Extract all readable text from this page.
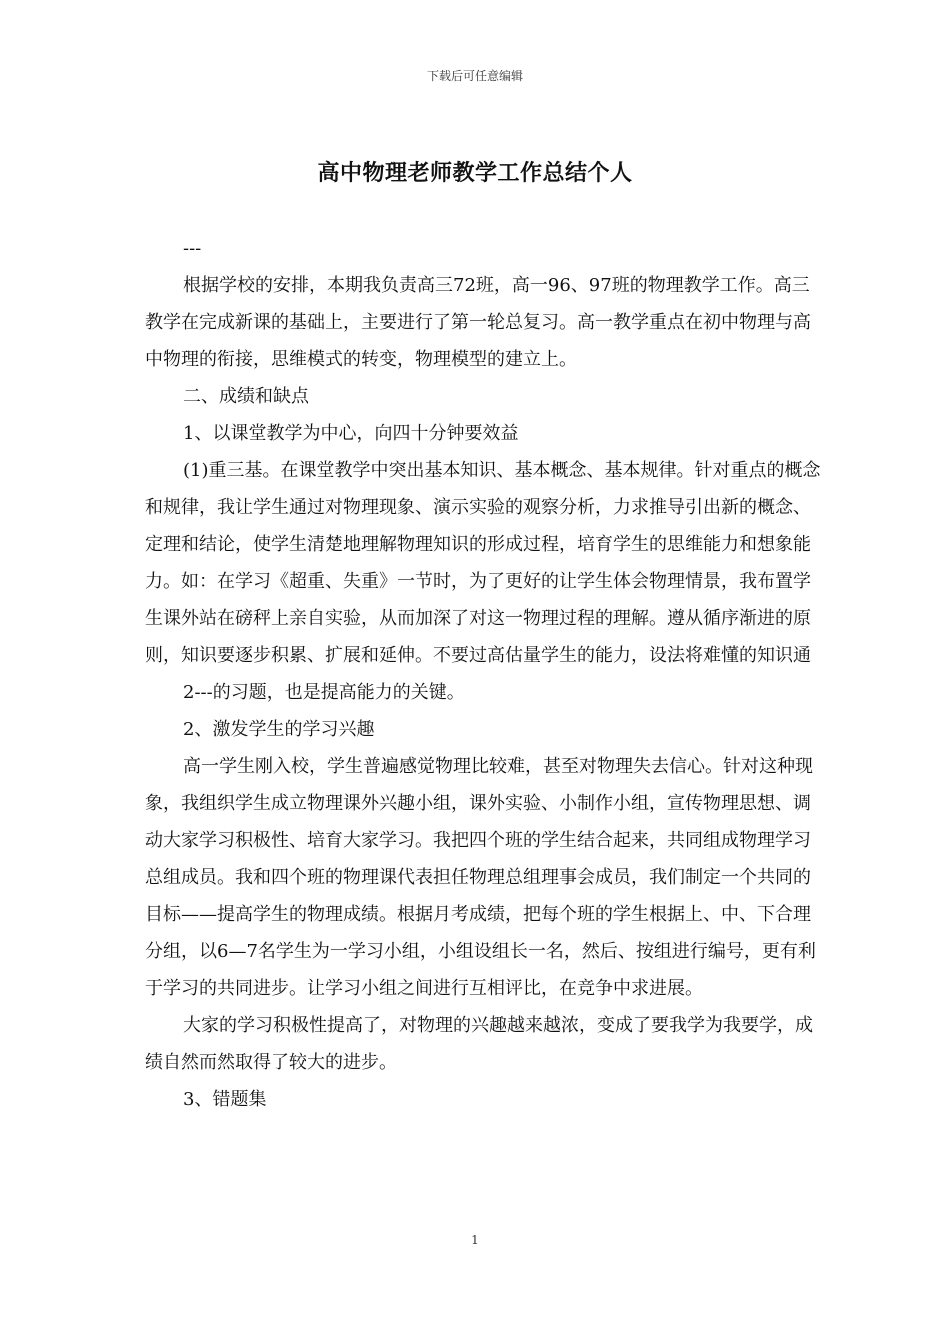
下载后可任意编辑
高中物理老师教学工作总结个人

---

根据学校的安排，本期我负责高三72班，高一96、97班的物理教学工作。高三教学在完成新课的基础上，主要进行了第一轮总复习。高一教学重点在初中物理与高中物理的衔接，思维模式的转变，物理模型的建立上。

二、成绩和缺点

1、以课堂教学为中心，向四十分钟要效益

(1)重三基。在课堂教学中突出基本知识、基本概念、基本规律。针对重点的概念和规律，我让学生通过对物理现象、演示实验的观察分析，力求推导引出新的概念、定理和结论，使学生清楚地理解物理知识的形成过程，培育学生的思维能力和想象能力。如：在学习《超重、失重》一节时，为了更好的让学生体会物理情景，我布置学生课外站在磅秤上亲自实验，从而加深了对这一物理过程的理解。遵从循序渐进的原则，知识要逐步积累、扩展和延伸。不要过高估量学生的能力，设法将难懂的知识通

2---的习题，也是提高能力的关键。

2、激发学生的学习兴趣

高一学生刚入校，学生普遍感觉物理比较难，甚至对物理失去信心。针对这种现象，我组织学生成立物理课外兴趣小组，课外实验、小制作小组，宣传物理思想、调动大家学习积极性、培育大家学习。我把四个班的学生结合起来，共同组成物理学习总组成员。我和四个班的物理课代表担任物理总组理事会成员，我们制定一个共同的目标——提高学生的物理成绩。根据月考成绩，把每个班的学生根据上、中、下合理分组，以6—7名学生为一学习小组，小组设组长一名，然后、按组进行编号，更有利于学习的共同进步。让学习小组之间进行互相评比，在竞争中求进展。

大家的学习积极性提高了，对物理的兴趣越来越浓，变成了要我学为我要学，成绩自然而然取得了较大的进步。

3、错题集

1
